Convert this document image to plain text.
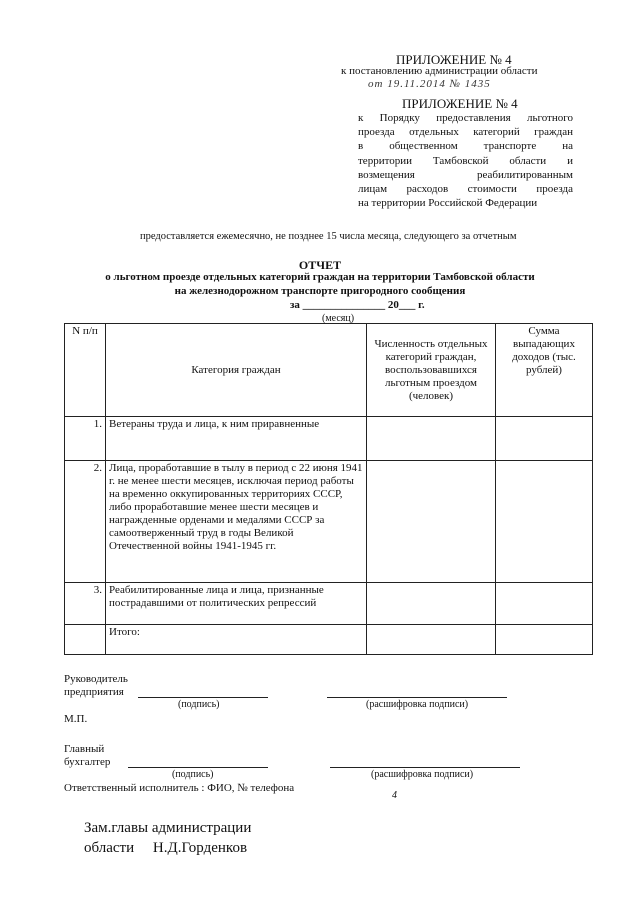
ПРИЛОЖЕНИЕ № 4
к постановлению администрации области
от 19.11.2014 № 1435
ПРИЛОЖЕНИЕ № 4
к Порядку предоставления льготного
проезда отдельных категорий граждан
в общественном транспорте на
территории Тамбовской области и
возмещения реабилитированным
лицам расходов стоимости проезда
на территории Российской Федерации
предоставляется ежемесячно, не позднее 15 числа месяца, следующего за отчетным
ОТЧЕТ
о льготном проезде отдельных категорий граждан на территории Тамбовской области
на железнодорожном транспорте пригородного сообщения
за _______________ 20___ г.
(месяц)
N п/п	Категория граждан	Численность отдельных категорий граждан, воспользовавшихся льготным проездом (человек)	Сумма выпадающих доходов (тыс. рублей)
1.	Ветераны труда и лица, к ним приравненные		
2.	Лица, проработавшие в тылу в период с 22 июня 1941 г. не менее шести месяцев, исключая период работы на временно оккупированных территориях СССР, либо проработавшие менее шести месяцев и награжденные орденами и медалями СССР за самоотверженный труд в годы Великой Отечественной войны 1941-1945 гг.		
3.	Реабилитированные лица и лица, признанные пострадавшими от политических репрессий		
	Итого:		
Руководитель
предприятия
(подпись)	(расшифровка подписи)
М.П.
Главный
бухгалтер
(подпись)	(расшифровка подписи)
Ответственный исполнитель : ФИО, № телефона
4
Зам.главы администрации
области     Н.Д.Горденков
